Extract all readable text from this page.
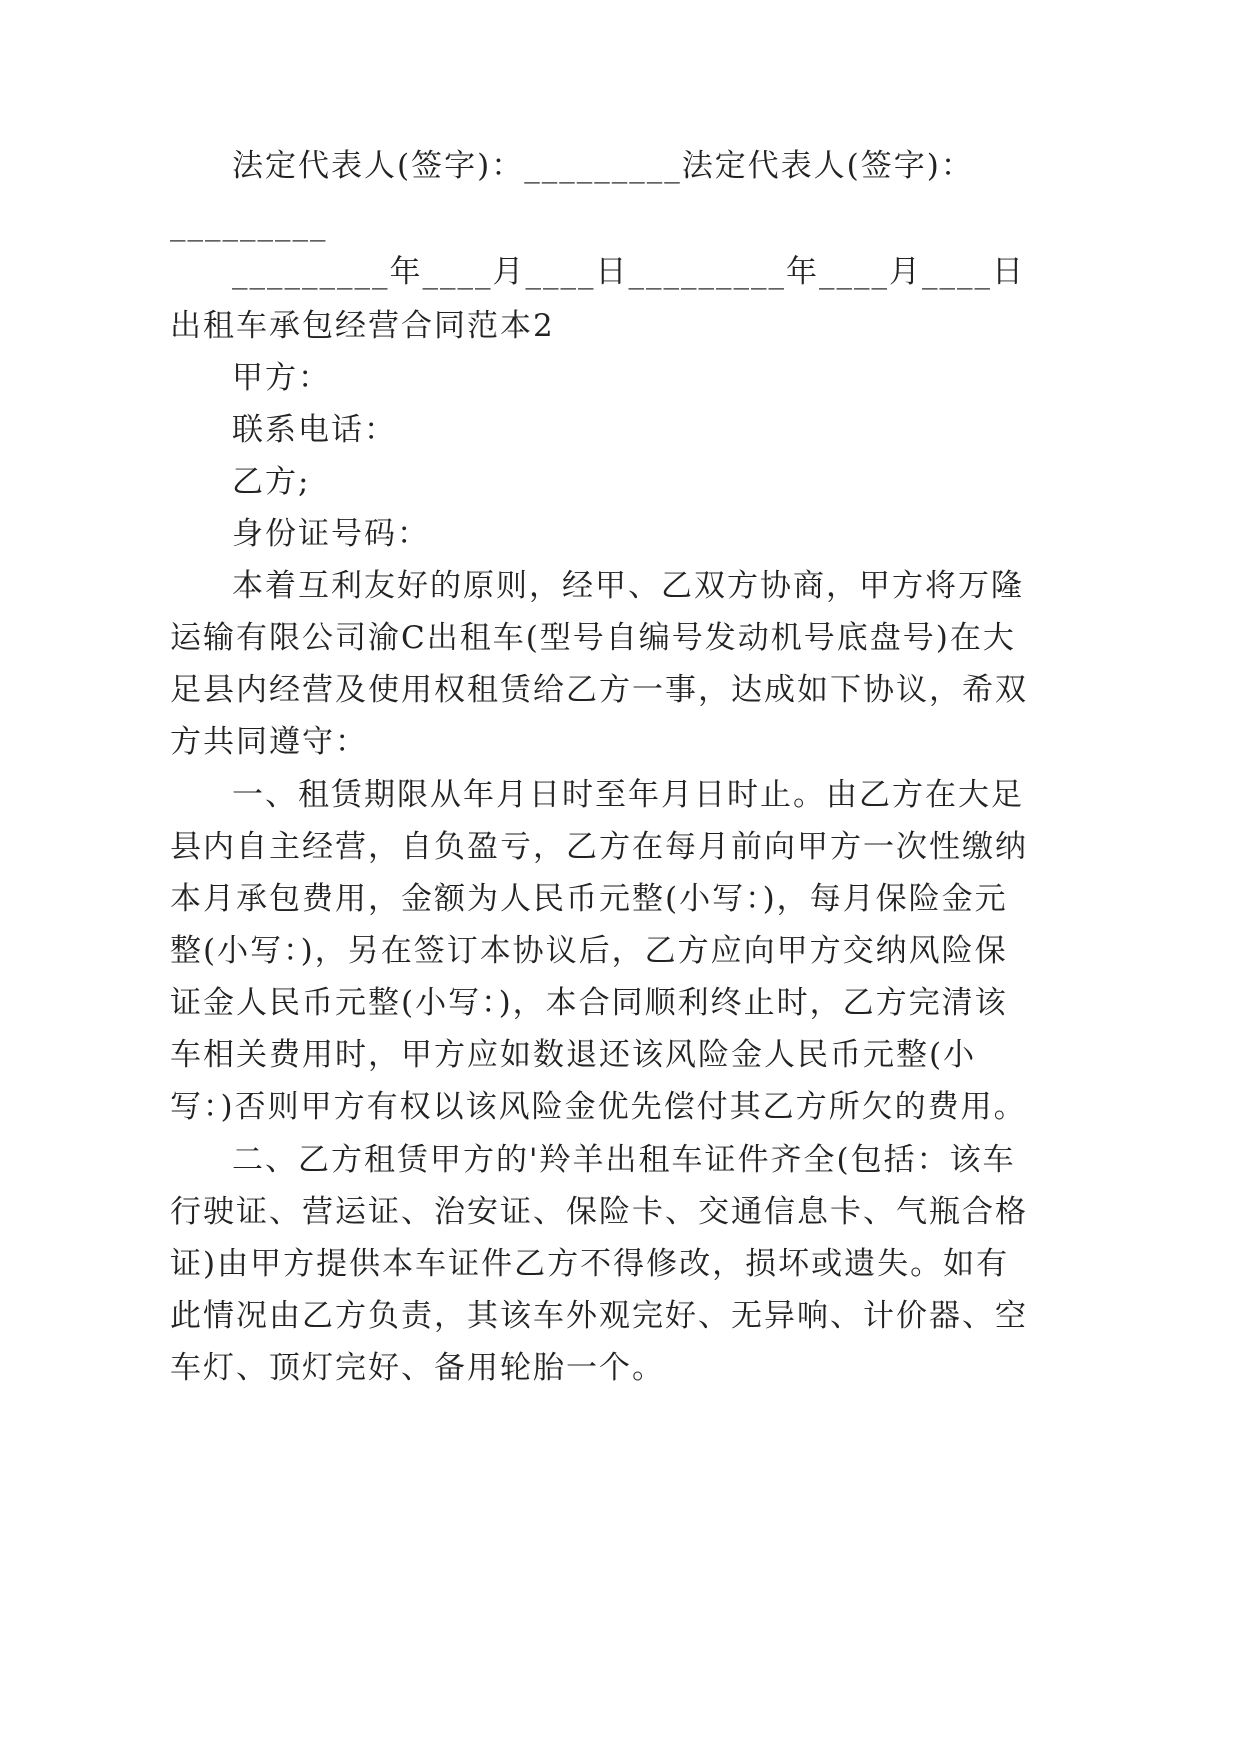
法定代表人(签字)：_________法定代表人(签字)：
_________
_________年____月____日_________年____月____日
出租车承包经营合同范本2
甲方：
联系电话：
乙方;
身份证号码：
本着互利友好的原则，经甲、乙双方协商，甲方将万隆
运输有限公司渝C出租车(型号自编号发动机号底盘号)在大
足县内经营及使用权租赁给乙方一事，达成如下协议，希双
方共同遵守：
一、租赁期限从年月日时至年月日时止。由乙方在大足
县内自主经营，自负盈亏，乙方在每月前向甲方一次性缴纳
本月承包费用，金额为人民币元整(小写：)，每月保险金元
整(小写：)，另在签订本协议后，乙方应向甲方交纳风险保
证金人民币元整(小写：)，本合同顺利终止时，乙方完清该
车相关费用时，甲方应如数退还该风险金人民币元整(小
写：)否则甲方有权以该风险金优先偿付其乙方所欠的费用。
二、乙方租赁甲方的'羚羊出租车证件齐全(包括：该车
行驶证、营运证、治安证、保险卡、交通信息卡、气瓶合格
证)由甲方提供本车证件乙方不得修改，损坏或遗失。如有
此情况由乙方负责，其该车外观完好、无异响、计价器、空
车灯、顶灯完好、备用轮胎一个。
